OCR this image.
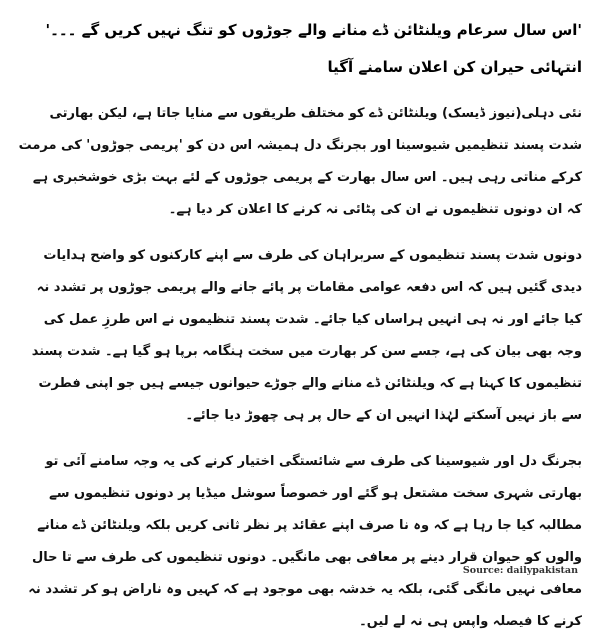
'اس سال سرعام ویلنٹائن ڈے منانے والے جوڑوں کو تنگ نہیں کریں گے ۔۔۔' انتہائی حیران کن اعلان سامنے آگیا

نئی دہلی(نیوز ڈیسک) ویلنٹائن ڈے کو مختلف طریقوں سے منایا جاتا ہے، لیکن بھارتی شدت پسند تنظیمیں شیوسینا اور بجرنگ دل ہمیشہ اس دن کو 'پریمی جوڑوں' کی مرمت کرکے مناتی رہی ہیں۔ اس سال بھارت کے پریمی جوڑوں کے لئے بہت بڑی خوشخبری ہے کہ ان دونوں تنظیموں نے ان کی پٹائی نہ کرنے کا اعلان کر دیا ہے۔

دونوں شدت پسند تنظیموں کے سربراہان کی طرف سے اپنے کارکنوں کو واضح ہدایات دیدی گئیں ہیں کہ اس دفعہ عوامی مقامات پر پائے جانے والے پریمی جوڑوں پر تشدد نہ کیا جائے اور نہ ہی انہیں ہراساں کیا جائے۔ شدت پسند تنظیموں نے اس طرزِ عمل کی وجہ بھی بیان کی ہے، جسے سن کر بھارت میں سخت ہنگامہ برپا ہو گیا ہے۔ شدت پسند تنظیموں کا کہنا ہے کہ ویلنٹائن ڈے منانے والے جوڑے حیوانوں جیسے ہیں جو اپنی فطرت سے باز نہیں آسکتے لہٰذا انہیں ان کے حال پر ہی چھوڑ دیا جائے۔

بجرنگ دل اور شیوسینا کی طرف سے شائستگی اختیار کرنے کی یہ وجہ سامنے آئی تو بھارتی شہری سخت مشتعل ہو گئے اور خصوصاً سوشل میڈیا پر دونوں تنظیموں سے مطالبہ کیا جا رہا ہے کہ وہ نا صرف اپنے عقائد پر نظر ثانی کریں بلکہ ویلنٹائن ڈے منانے والوں کو حیوان قرار دینے پر معافی بھی مانگیں۔ دونوں تنظیموں کی طرف سے تا حال معافی نہیں مانگی گئی، بلکہ یہ خدشہ بھی موجود ہے کہ کہیں وہ ناراض ہو کر تشدد نہ کرنے کا فیصلہ واپس ہی نہ لے لیں۔

Source: dailypakistan
